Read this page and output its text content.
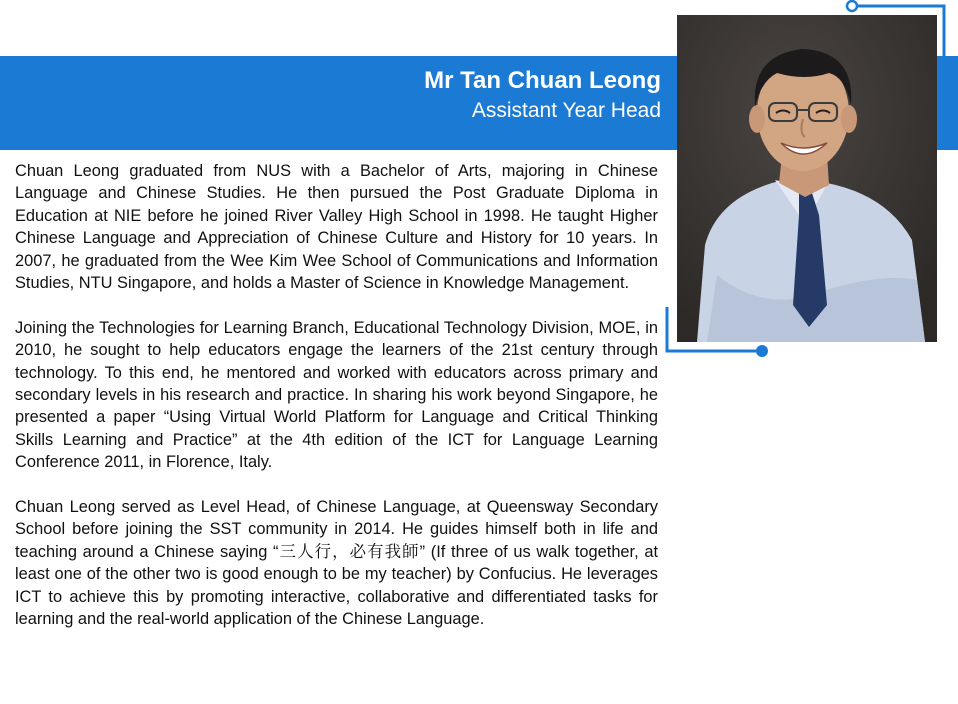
Mr Tan Chuan Leong
Assistant Year Head

Chuan Leong graduated from NUS with a Bachelor of Arts, majoring in Chinese Language and Chinese Studies. He then pursued the Post Graduate Diploma in Education at NIE before he joined River Valley High School in 1998. He taught Higher Chinese Language and Appreciation of Chinese Culture and History for 10 years. In 2007, he graduated from the Wee Kim Wee School of Communications and Information Studies, NTU Singapore, and holds a Master of Science in Knowledge Management.

Joining the Technologies for Learning Branch, Educational Technology Division, MOE, in 2010, he sought to help educators engage the learners of the 21st century through technology. To this end, he mentored and worked with educators across primary and secondary levels in his research and practice. In sharing his work beyond Singapore, he presented a paper “Using Virtual World Platform for Language and Critical Thinking Skills Learning and Practice” at the 4th edition of the ICT for Language Learning Conference 2011, in Florence, Italy.

Chuan Leong served as Level Head, of Chinese Language, at Queensway Secondary School before joining the SST community in 2014. He guides himself both in life and teaching around a Chinese saying “三人行，必有我師” (If three of us walk together, at least one of the other two is good enough to be my teacher) by Confucius. He leverages ICT to achieve this by promoting interactive, collaborative and differentiated tasks for learning and the real-world application of the Chinese Language.
